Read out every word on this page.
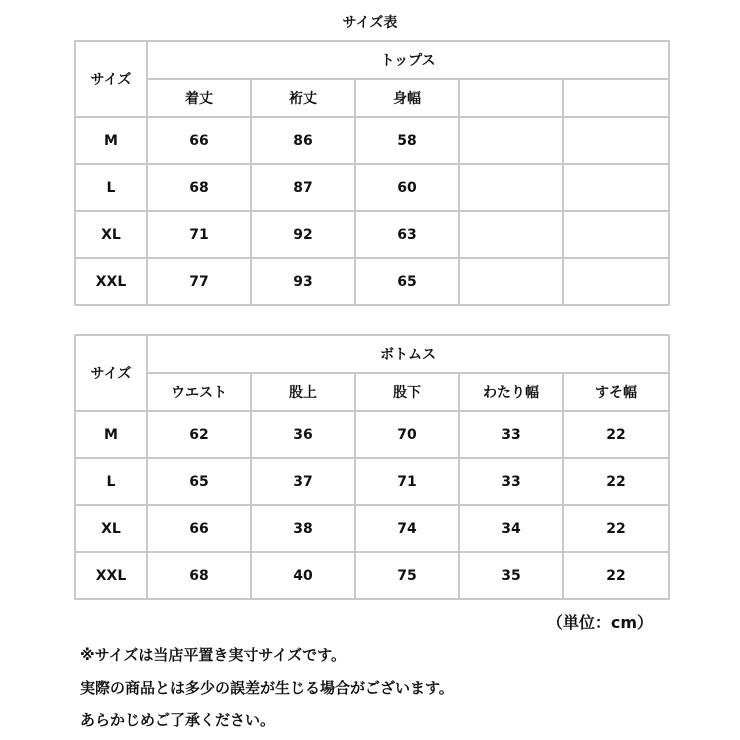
サイズ表
サイズ	トップス				
	着丈	裄丈	身幅		
M	66	86	58		
L	68	87	60		
XL	71	92	63		
XXL	77	93	65		
サイズ	ボトムス				
	ウエスト	股上	股下	わたり幅	すそ幅
M	62	36	70	33	22
L	65	37	71	33	22
XL	66	38	74	34	22
XXL	68	40	75	35	22
（単位：cm）
※サイズは当店平置き実寸サイズです。
実際の商品とは多少の誤差が生じる場合がございます。
あらかじめご了承ください。
